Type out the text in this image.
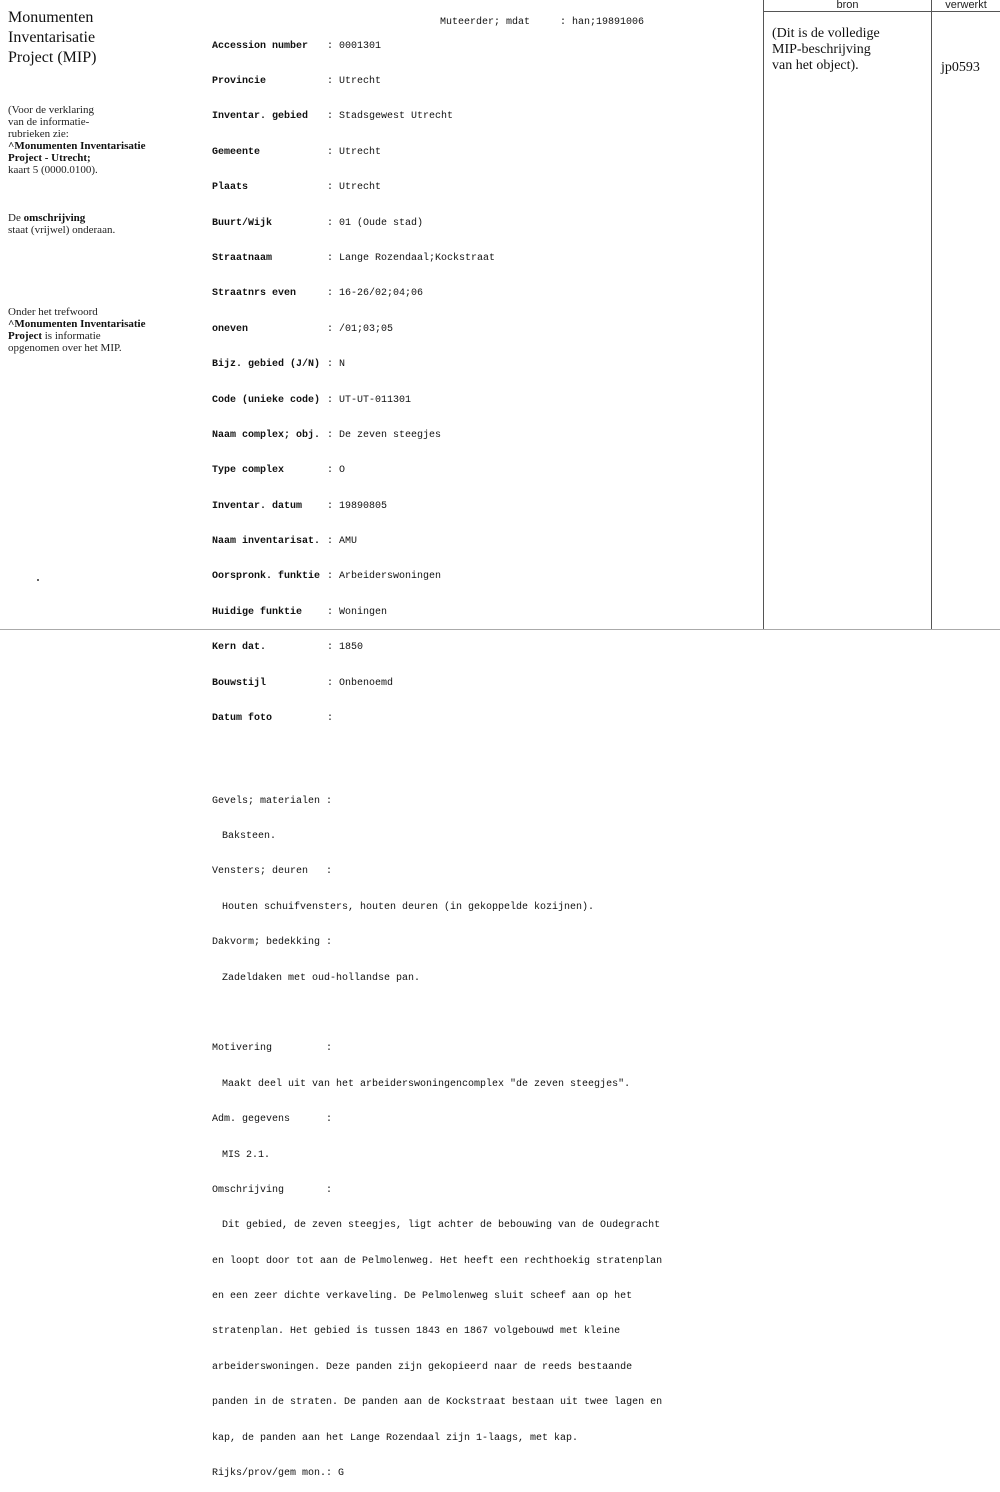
Monumenten
Inventarisatie
Project (MIP)
(Voor de verklaring
van de informatie-
rubrieken zie:
^Monumenten Inventarisatie
Project - Utrecht;
kaart 5 (0000.0100).
De omschrijving
staat (vrijwel) onderaan.
Onder het trefwoord
^Monumenten Inventarisatie
Project is informatie
opgenomen over het MIP.

Accession number : 0001301

Provincie	: Utrecht

Inventar. gebied : Stadsgewest Utrecht

Gemeente	: Utrecht

Plaats	: Utrecht

Buurt/Wijk	: 01 (Oude stad)

Straatnaam	: Lange Rozendaal;Kockstraat

Straatnrs even	: 16-26/02;04;06

oneven	: /01;03;05

Bijz. gebied (J/N) : N

Code (unieke code) : UT-UT-011301

Naam complex; obj. : De zeven steegjes

Type complex	: O

Inventar. datum : 19890805

Naam inventarisat. : AMU

Oorspronk. funktie : Arbeiderswoningen

Huidige funktie : Woningen

Kern dat.	: 1850

Bouwstijl	: Onbenoemd

Datum foto	:

Gevels; materialen :

Baksteen.

Vensters; deuren   :

Houten schuifvensters, houten deuren (in gekoppelde kozijnen).

Dakvorm; bedekking :

Zadeldaken met oud-hollandse pan.

Motivering         :

Maakt deel uit van het arbeiderswoningencomplex "de zeven steegjes".

Adm. gegevens      :

MIS 2.1.

Omschrijving       :

Dit gebied, de zeven steegjes, ligt achter de bebouwing van de Oudegracht

en loopt door tot aan de Pelmolenweg. Het heeft een rechthoekig stratenplan

en een zeer dichte verkaveling. De Pelmolenweg sluit scheef aan op het

stratenplan. Het gebied is tussen 1843 en 1867 volgebouwd met kleine

arbeiderswoningen. Deze panden zijn gekopieerd naar de reeds bestaande

panden in de straten. De panden aan de Kockstraat bestaan uit twee lagen en

kap, de panden aan het Lange Rozendaal zijn 1-laags, met kap.

Rijks/prov/gem mon.: G

Muteerder; mdat	: han;19891006
bron	verwerkt
(Dit is de volledige
MIP-beschrijving
van het object).	jp0593
